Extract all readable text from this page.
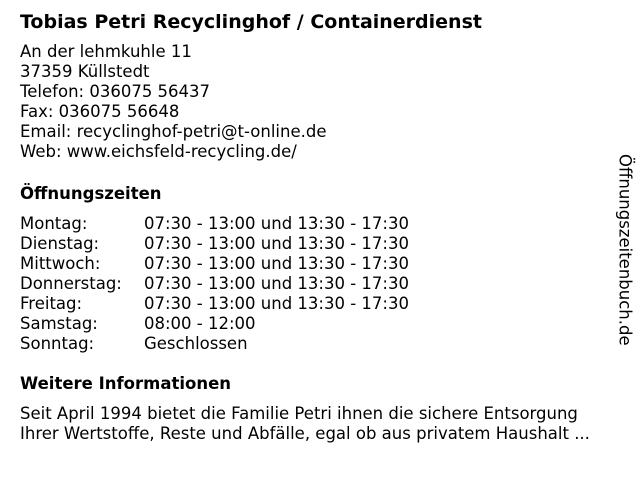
Tobias Petri Recyclinghof / Containerdienst
An der lehmkuhle 11
37359 Küllstedt
Telefon: 036075 56437
Fax: 036075 56648
Email: recyclinghof-petri@t-online.de
Web: www.eichsfeld-recycling.de/
Öffnungszeiten
Montag:	07:30 - 13:00 und 13:30 - 17:30
Dienstag:	07:30 - 13:00 und 13:30 - 17:30
Mittwoch:	07:30 - 13:00 und 13:30 - 17:30
Donnerstag:	07:30 - 13:00 und 13:30 - 17:30
Freitag:	07:30 - 13:00 und 13:30 - 17:30
Samstag:	08:00 - 12:00
Sonntag:	Geschlossen
Weitere Informationen
Seit April 1994 bietet die Familie Petri ihnen die sichere Entsorgung
Ihrer Wertstoffe, Reste und Abfälle, egal ob aus privatem Haushalt ...
Öffnungszeitenbuch.de
